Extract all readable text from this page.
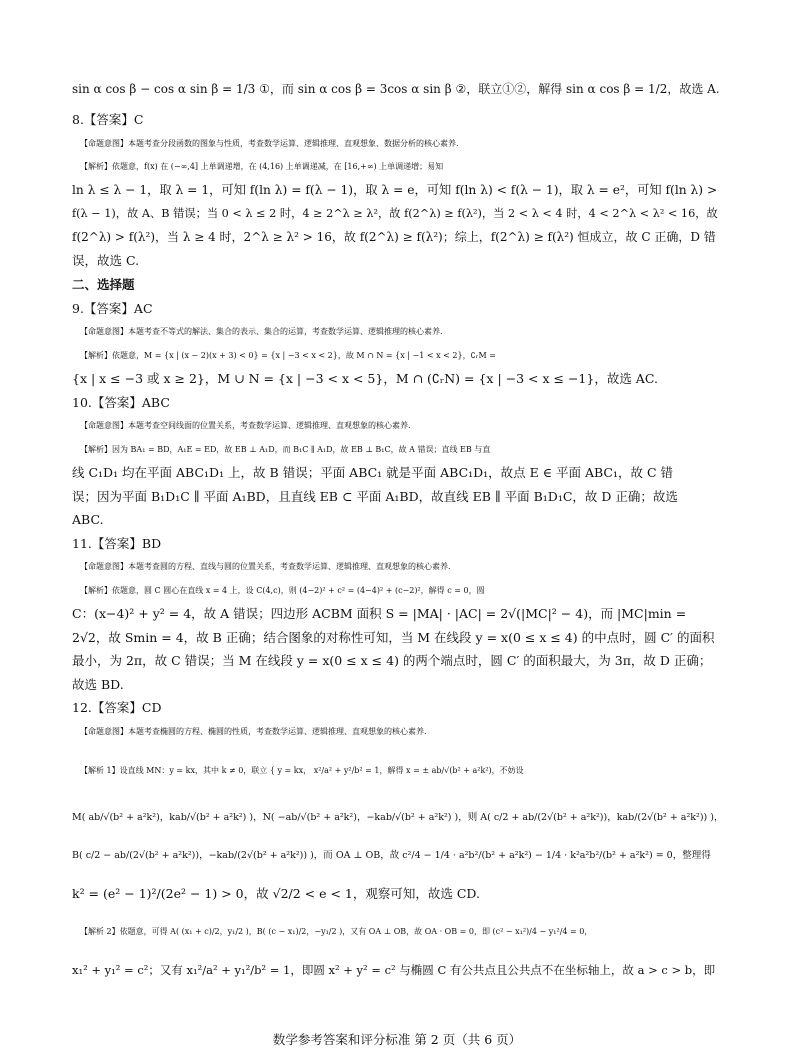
sin α cos β − cos α sin β = 1/3 ①，而 sin α cos β = 3cos α sin β ②，联立①②，解得 sin α cos β = 1/2，故选 A.
8.【答案】C
【命题意图】本题考查分段函数的图象与性质，考查数学运算、逻辑推理、直观想象、数据分析的核心素养.
【解析】依题意，f(x) 在 (−∞,4] 上单调递增，在 (4,16) 上单调递减，在 [16,+∞) 上单调递增；易知
ln λ ≤ λ − 1，取 λ = 1，可知 f(ln λ) = f(λ − 1)，取 λ = e，可知 f(ln λ) < f(λ − 1)，取 λ = e²，可知 f(ln λ) >
f(λ − 1)，故 A、B 错误；当 0 < λ ≤ 2 时，4 ≥ 2^λ ≥ λ²，故 f(2^λ) ≥ f(λ²)，当 2 < λ < 4 时，4 < 2^λ < λ² < 16，故
f(2^λ) > f(λ²)，当 λ ≥ 4 时，2^λ ≥ λ² > 16，故 f(2^λ) ≥ f(λ²)；综上，f(2^λ) ≥ f(λ²) 恒成立，故 C 正确，D 错
误，故选 C.
二、选择题
9.【答案】AC
【命题意图】本题考查不等式的解法、集合的表示、集合的运算，考查数学运算、逻辑推理的核心素养.
【解析】依题意，M = {x | (x − 2)(x + 3) < 0} = {x | −3 < x < 2}，故 M ∩ N = {x | −1 < x < 2}，∁ᵣM =
{x | x ≤ −3 或 x ≥ 2}，M ∪ N = {x | −3 < x < 5}，M ∩ (∁ᵣN) = {x | −3 < x ≤ −1}，故选 AC.
10.【答案】ABC
【命题意图】本题考查空间线面的位置关系，考查数学运算、逻辑推理、直观想象的核心素养.
【解析】因为 BA₁ = BD，A₁E = ED，故 EB ⊥ A₁D，而 B₁C ∥ A₁D，故 EB ⊥ B₁C，故 A 错误；直线 EB 与直
线 C₁D₁ 均在平面 ABC₁D₁ 上，故 B 错误；平面 ABC₁ 就是平面 ABC₁D₁，故点 E ∈ 平面 ABC₁，故 C 错
误；因为平面 B₁D₁C ∥ 平面 A₁BD，且直线 EB ⊂ 平面 A₁BD，故直线 EB ∥ 平面 B₁D₁C，故 D 正确；故选
ABC.
11.【答案】BD
【命题意图】本题考查圆的方程、直线与圆的位置关系，考查数学运算、逻辑推理、直观想象的核心素养.
【解析】依题意，圆 C 圆心在直线 x = 4 上，设 C(4,c)，则 (4−2)² + c² = (4−4)² + (c−2)²，解得 c = 0，圆
C：(x−4)² + y² = 4，故 A 错误；四边形 ACBM 面积 S = |MA| · |AC| = 2√(|MC|² − 4)，而 |MC|min =
2√2，故 Smin = 4，故 B 正确；结合图象的对称性可知，当 M 在线段 y = x(0 ≤ x ≤ 4) 的中点时，圆 C′ 的面积
最小，为 2π，故 C 错误；当 M 在线段 y = x(0 ≤ x ≤ 4) 的两个端点时，圆 C′ 的面积最大，为 3π，故 D 正确；
故选 BD.
12.【答案】CD
【命题意图】本题考查椭圆的方程、椭圆的性质，考查数学运算、逻辑推理、直观想象的核心素养.
【解析 1】设直线 MN：y = kx，其中 k ≠ 0，联立 { y = kx， x²/a² + y²/b² = 1，解得 x = ± ab/√(b² + a²k²)，不妨设
M( ab/√(b² + a²k²)，kab/√(b² + a²k²) )，N( −ab/√(b² + a²k²)，−kab/√(b² + a²k²) )，则 A( c/2 + ab/(2√(b² + a²k²))，kab/(2√(b² + a²k²)) )，
B( c/2 − ab/(2√(b² + a²k²))，−kab/(2√(b² + a²k²)) )，而 OA ⊥ OB，故 c²/4 − 1/4 · a²b²/(b² + a²k²) − 1/4 · k²a²b²/(b² + a²k²) = 0，整理得
k² = (e² − 1)²/(2e² − 1) > 0，故 √2/2 < e < 1，观察可知，故选 CD.
【解析 2】依题意，可得 A( (x₁ + c)/2，y₁/2 )，B( (c − x₁)/2，−y₁/2 )，又有 OA ⊥ OB，故 OA · OB = 0，即 (c² − x₁²)/4 − y₁²/4 = 0，
x₁² + y₁² = c²；又有 x₁²/a² + y₁²/b² = 1，即圆 x² + y² = c² 与椭圆 C 有公共点且公共点不在坐标轴上，故 a > c > b，即
数学参考答案和评分标准 第 2 页（共 6 页）
